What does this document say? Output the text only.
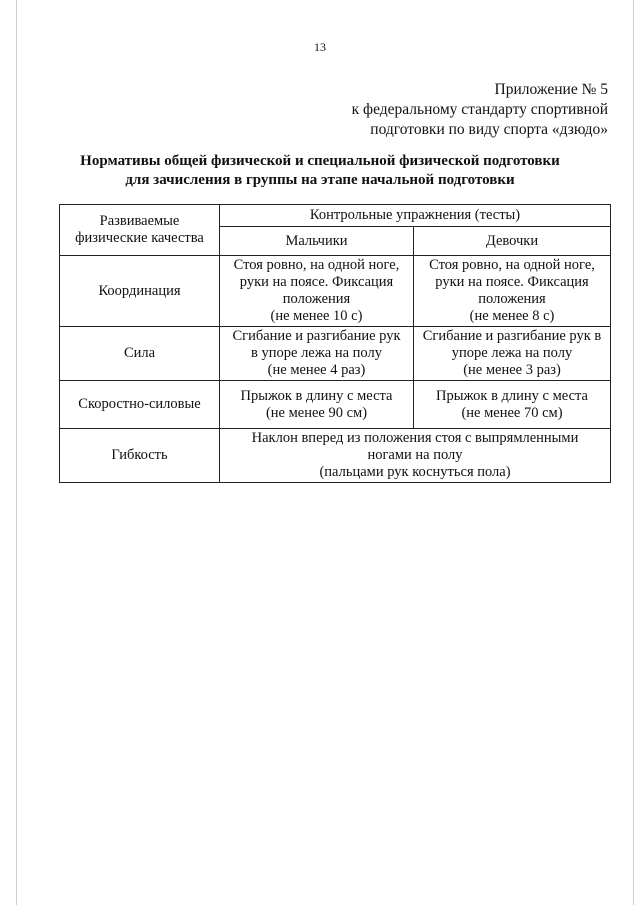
13
Приложение № 5
к федеральному стандарту спортивной
подготовки по виду спорта «дзюдо»
Нормативы общей физической и специальной физической подготовки
для зачисления в группы на этапе начальной подготовки
Развиваемые
физические качества	Контрольные упражнения (тесты)	
	Мальчики	Девочки
Координация	Стоя ровно, на одной ноге,
руки на поясе. Фиксация
положения
(не менее 10 с)	Стоя ровно, на одной ноге,
руки на поясе. Фиксация
положения
(не менее 8 с)

Сила	Сгибание и разгибание рук
в упоре лежа на полу
(не менее 4 раз)	Сгибание и разгибание рук в
упоре лежа на полу
(не менее 3 раз)

Скоростно-силовые	Прыжок в длину с места
(не менее 90 см)	Прыжок в длину с места
(не менее 70 см)

Гибкость	Наклон вперед из положения стоя с выпрямленными
ногами на полу
(пальцами рук коснуться пола)	
